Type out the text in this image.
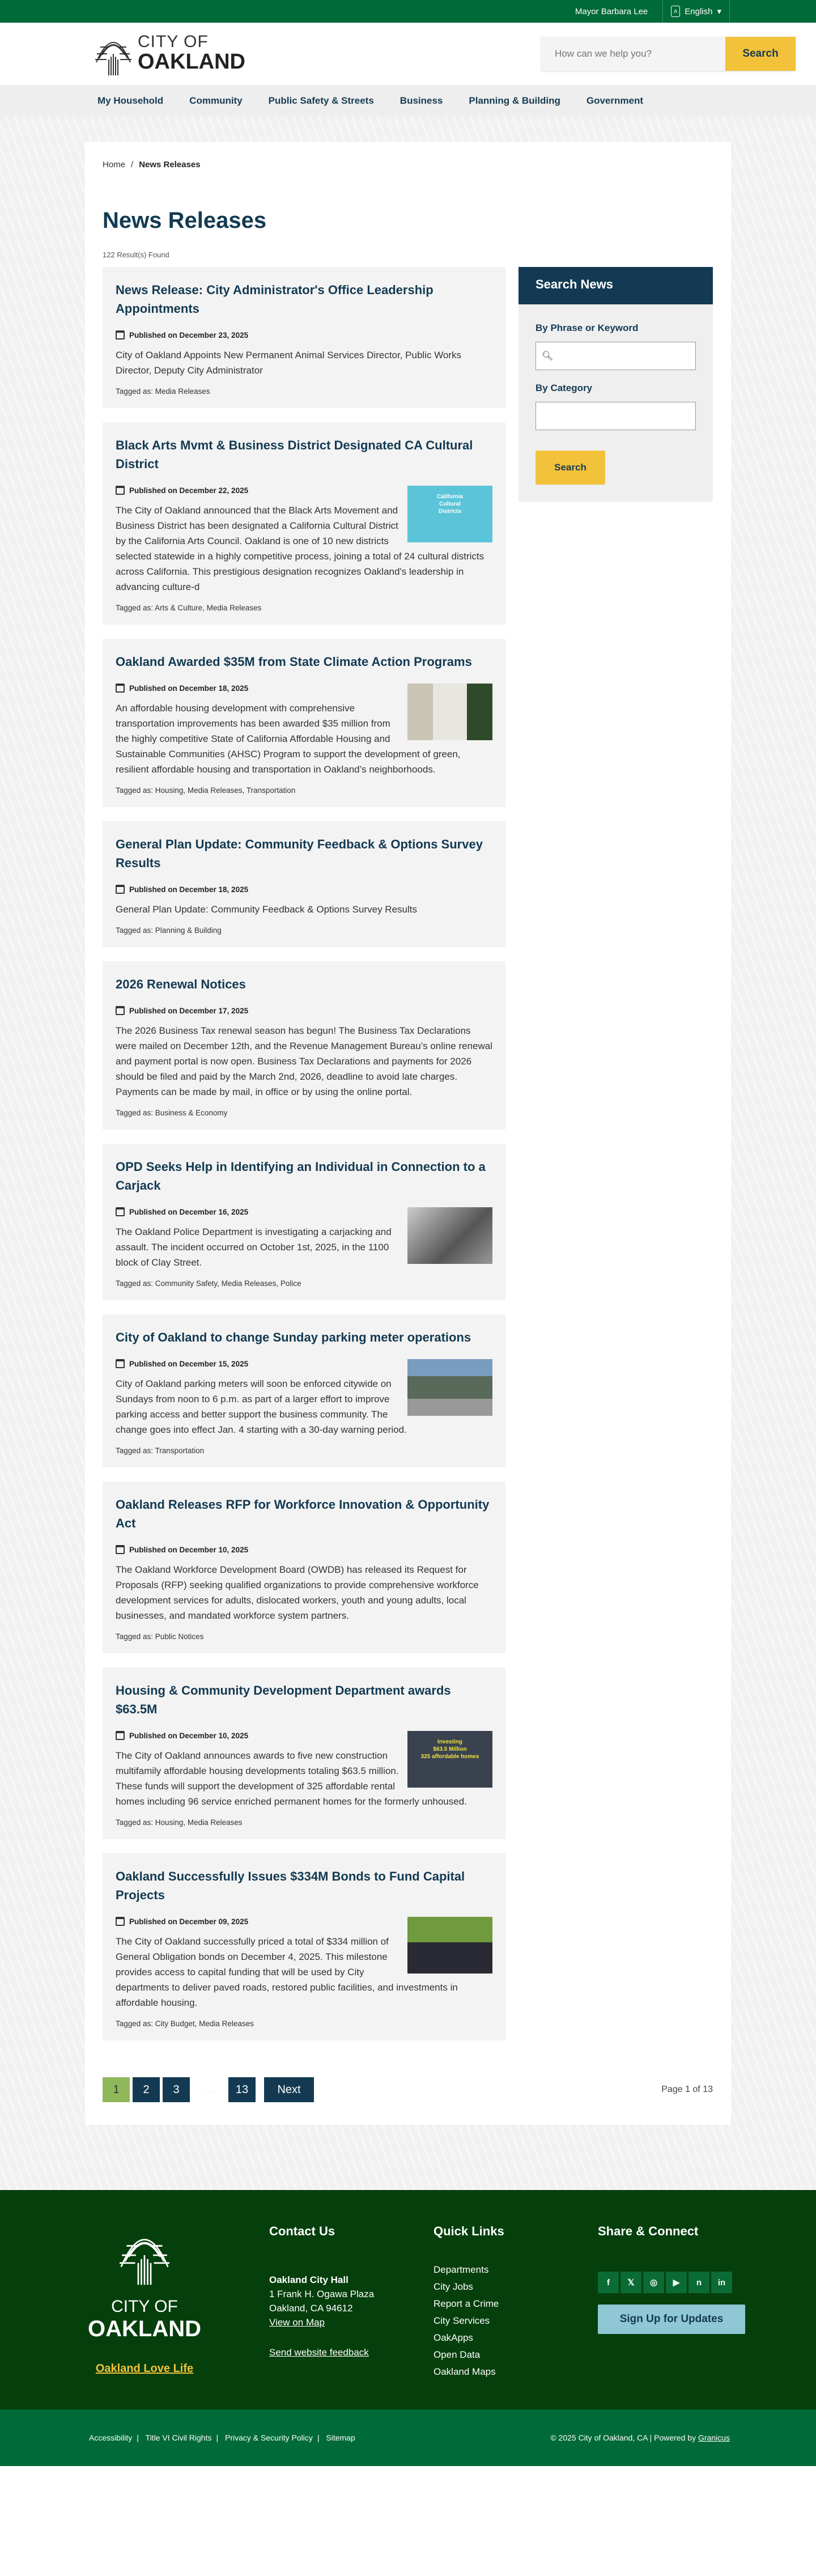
Mayor Barbara Lee	A English ▾
CITY OF
OAKLAND
How can we help you?	Search
My Household	Community	Public Safety & Streets	Business	Planning & Building	Government
Home / News Releases
News Releases
122 Result(s) Found
News Release: City Administrator's Office Leadership Appointments
Published on December 23, 2025

City of Oakland Appoints New Permanent Animal Services Director, Public Works Director, Deputy City Administrator

Tagged as: Media Releases
Black Arts Mvmt & Business District Designated CA Cultural District
California
Cultural
Districts
Published on December 22, 2025

The City of Oakland announced that the Black Arts Movement and Business District has been designated a California Cultural District by the California Arts Council. Oakland is one of 10 new districts selected statewide in a highly competitive process, joining a total of 24 cultural districts across California. This prestigious designation recognizes Oakland's leadership in advancing culture-d

Tagged as: Arts & Culture, Media Releases
Oakland Awarded $35M from State Climate Action Programs
Published on December 18, 2025

An affordable housing development with comprehensive transportation improvements has been awarded $35 million from the highly competitive State of California Affordable Housing and Sustainable Communities (AHSC) Program to support the development of green, resilient affordable housing and transportation in Oakland’s neighborhoods.

Tagged as: Housing, Media Releases, Transportation
General Plan Update: Community Feedback & Options Survey Results
Published on December 18, 2025

General Plan Update: Community Feedback & Options Survey Results

Tagged as: Planning & Building
2026 Renewal Notices
Published on December 17, 2025

The 2026 Business Tax renewal season has begun! The Business Tax Declarations were mailed on December 12th, and the Revenue Management Bureau’s online renewal and payment portal is now open. Business Tax Declarations and payments for 2026 should be filed and paid by the March 2nd, 2026, deadline to avoid late charges. Payments can be made by mail, in office or by using the online portal.

Tagged as: Business & Economy
OPD Seeks Help in Identifying an Individual in Connection to a Carjack
Published on December 16, 2025

The Oakland Police Department is investigating a carjacking and assault. The incident occurred on October 1st, 2025, in the 1100 block of Clay Street.

Tagged as: Community Safety, Media Releases, Police
City of Oakland to change Sunday parking meter operations
Published on December 15, 2025

City of Oakland parking meters will soon be enforced citywide on Sundays from noon to 6 p.m. as part of a larger effort to improve parking access and better support the business community. The change goes into effect Jan. 4 starting with a 30-day warning period.

Tagged as: Transportation
Oakland Releases RFP for Workforce Innovation & Opportunity Act
Published on December 10, 2025

The Oakland Workforce Development Board (OWDB) has released its Request for Proposals (RFP) seeking qualified organizations to provide comprehensive workforce development services for adults, dislocated workers, youth and young adults, local businesses, and mandated workforce system partners.

Tagged as: Public Notices
Housing & Community Development Department awards $63.5M
Investing
$63.5 Million
325 affordable homes
Published on December 10, 2025

The City of Oakland announces awards to five new construction multifamily affordable housing developments totaling $63.5 million. These funds will support the development of 325 affordable rental homes including 96 service enriched permanent homes for the formerly unhoused.

Tagged as: Housing, Media Releases
Oakland Successfully Issues $334M Bonds to Fund Capital Projects
Published on December 09, 2025

The City of Oakland successfully priced a total of $334 million of General Obligation bonds on December 4, 2025. This milestone provides access to capital funding that will be used by City departments to deliver paved roads, restored public facilities, and investments in affordable housing.

Tagged as: City Budget, Media Releases
Search News
By Phrase or Keyword
🔍︎
By Category
Search
1	2	3	…	13	Next	Page 1 of 13
CITY OF
OAKLAND
Oakland Love Life
Contact Us

Oakland City Hall

1 Frank H. Ogawa Plaza

Oakland, CA 94612

View on Map

Send website feedback

Quick Links
Departments
City Jobs
Report a Crime
City Services
OakApps
Open Data
Oakland Maps
Share & Connect
f	𝕏	◎	▶	n	in
Sign Up for Updates
Accessibility | Title VI Civil Rights | Privacy & Security Policy | Sitemap	© 2025 City of Oakland, CA | Powered by Granicus
